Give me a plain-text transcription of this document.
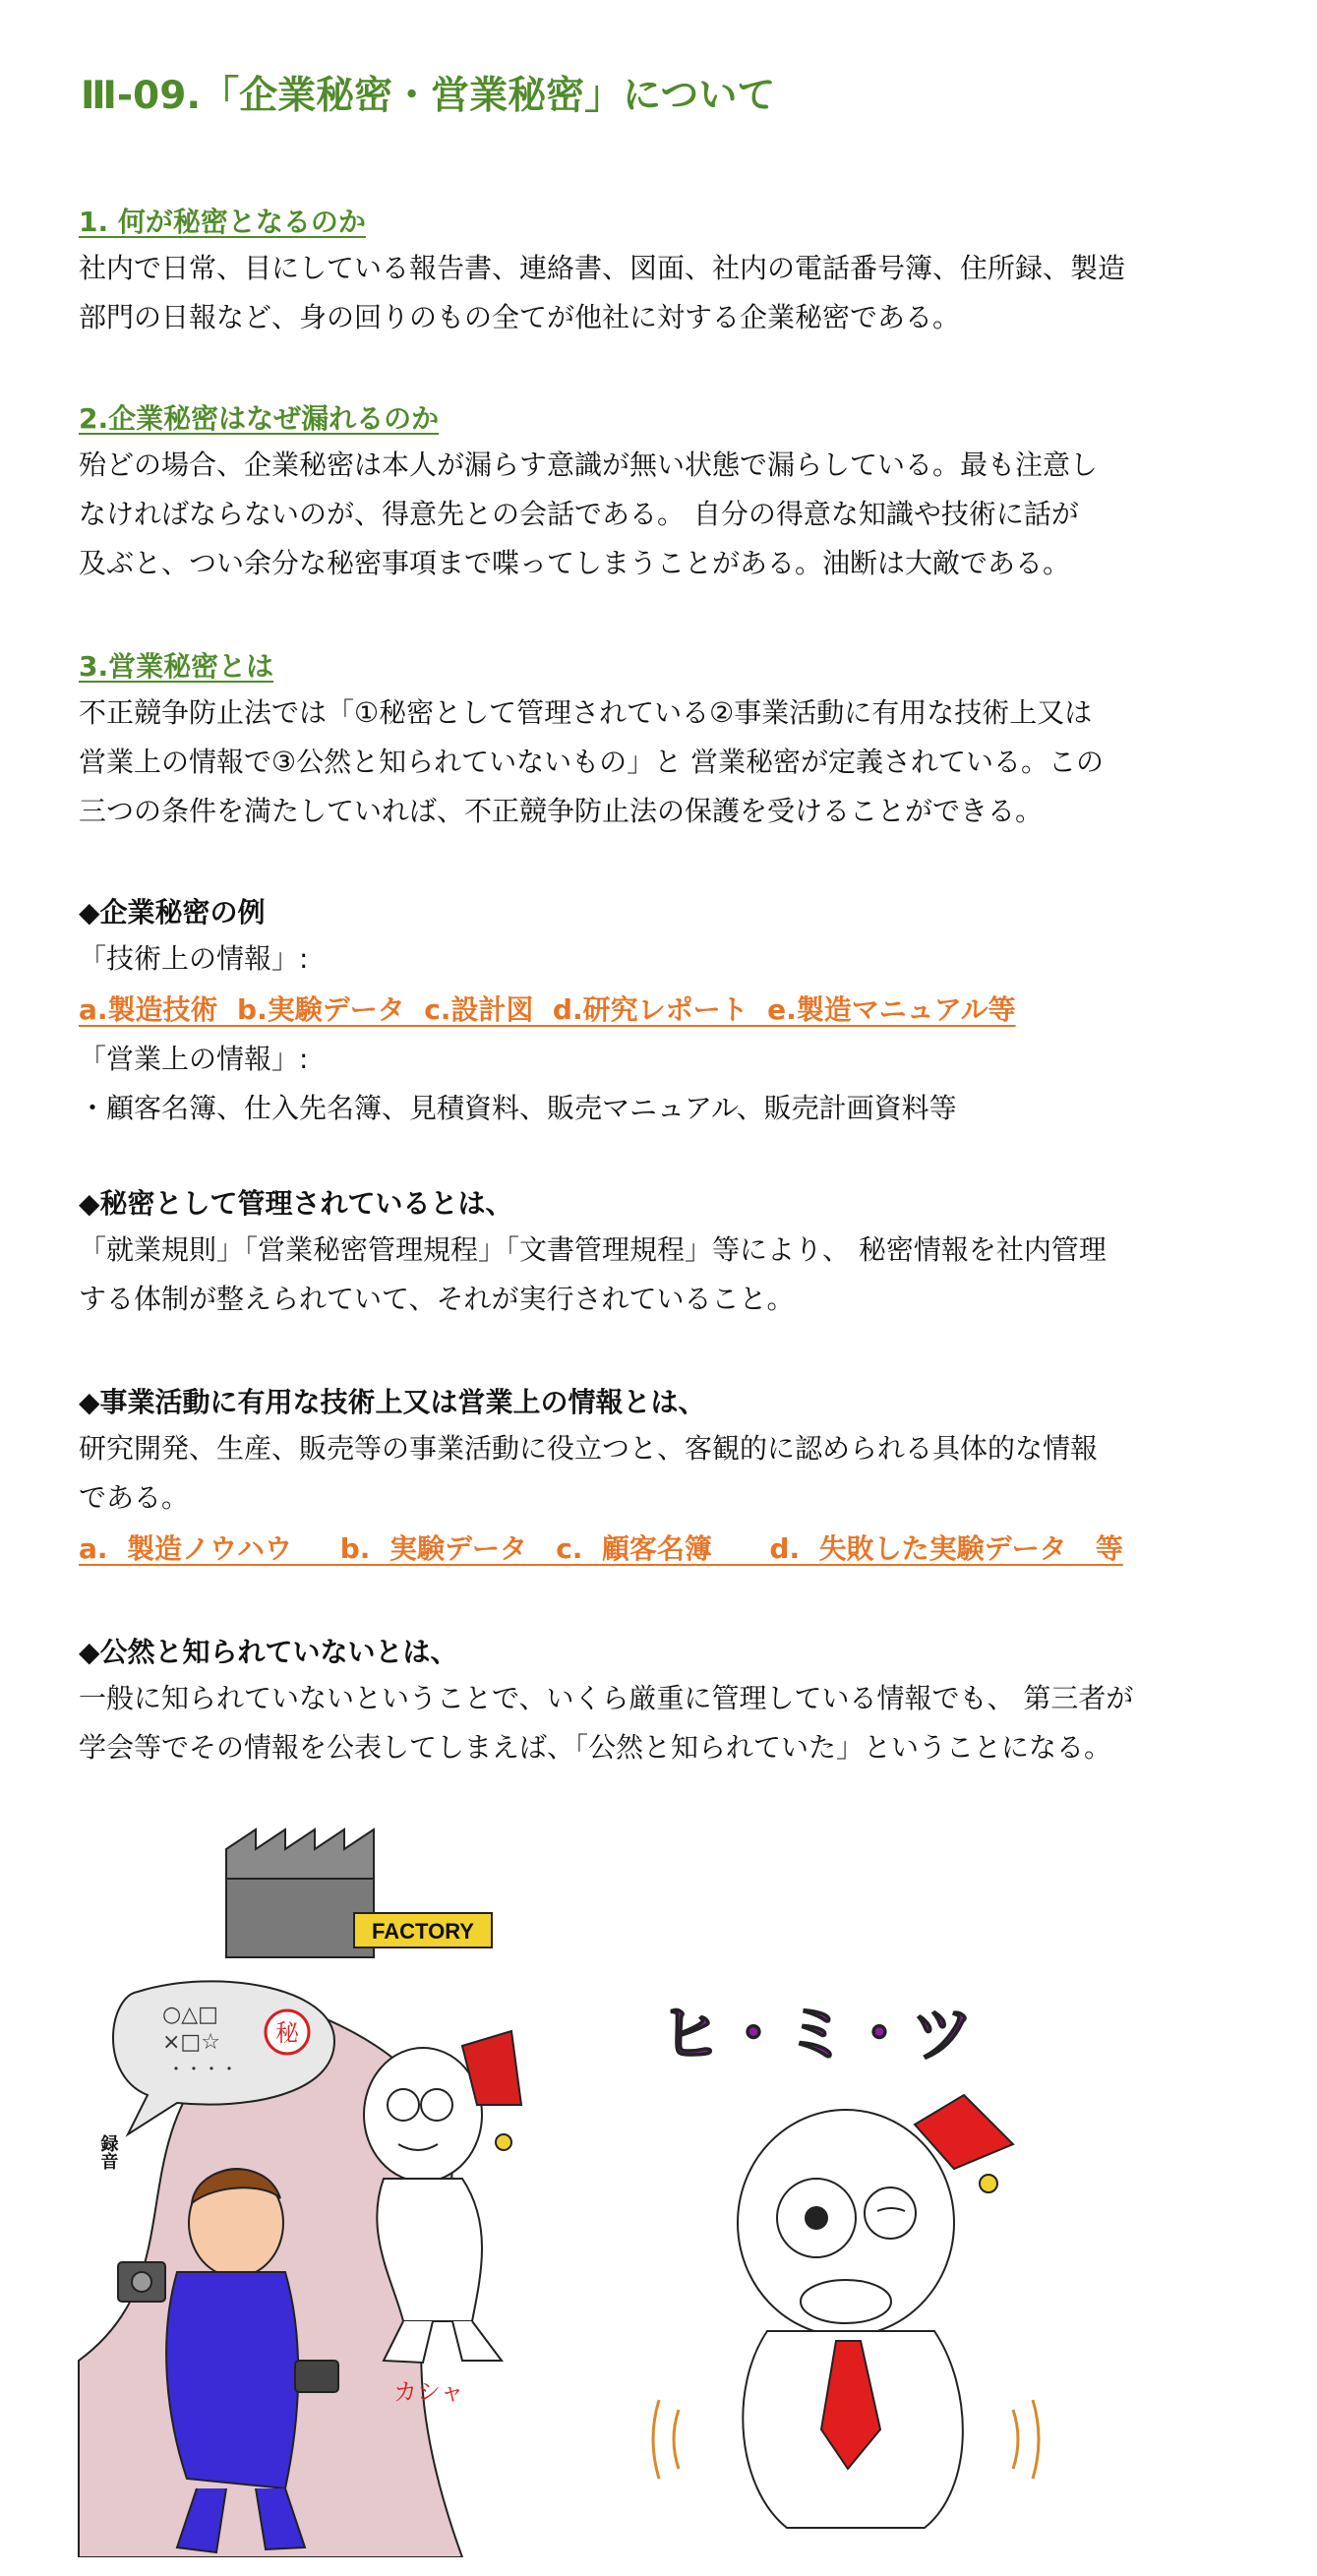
Ⅲ-09.「企業秘密・営業秘密」について
1. 何が秘密となるのか

社内で日常、目にしている報告書、連絡書、図面、社内の電話番号簿、住所録、製造

部門の日報など、身の回りのもの全てが他社に対する企業秘密である。

2.企業秘密はなぜ漏れるのか

殆どの場合、企業秘密は本人が漏らす意識が無い状態で漏らしている。最も注意し

なければならないのが、得意先との会話である。 自分の得意な知識や技術に話が

及ぶと、つい余分な秘密事項まで喋ってしまうことがある。油断は大敵である。

3.営業秘密とは

不正競争防止法では「①秘密として管理されている②事業活動に有用な技術上又は

営業上の情報で③公然と知られていないもの」と 営業秘密が定義されている。この

三つの条件を満たしていれば、不正競争防止法の保護を受けることができる。

◆企業秘密の例

「技術上の情報」:

a.製造技術  b.実験データ  c.設計図  d.研究レポート  e.製造マニュアル等

「営業上の情報」:

・顧客名簿、仕入先名簿、見積資料、販売マニュアル、販売計画資料等

◆秘密として管理されているとは、

「就業規則」「営業秘密管理規程」「文書管理規程」等により、 秘密情報を社内管理

する体制が整えられていて、それが実行されていること。

◆事業活動に有用な技術上又は営業上の情報とは、

研究開発、生産、販売等の事業活動に役立つと、客観的に認められる具体的な情報

である。

a.  製造ノウハウ     b.  実験データ   c.  顧客名簿      d.  失敗した実験データ   等
◆公然と知られていないとは、

一般に知られていないということで、いくら厳重に管理している情報でも、 第三者が

学会等でその情報を公表してしまえば、「公然と知られていた」ということになる。

FACTORY
○△□
×□☆
・・・・
秘
録音
カシャ
ヒ・ミ・ツ
